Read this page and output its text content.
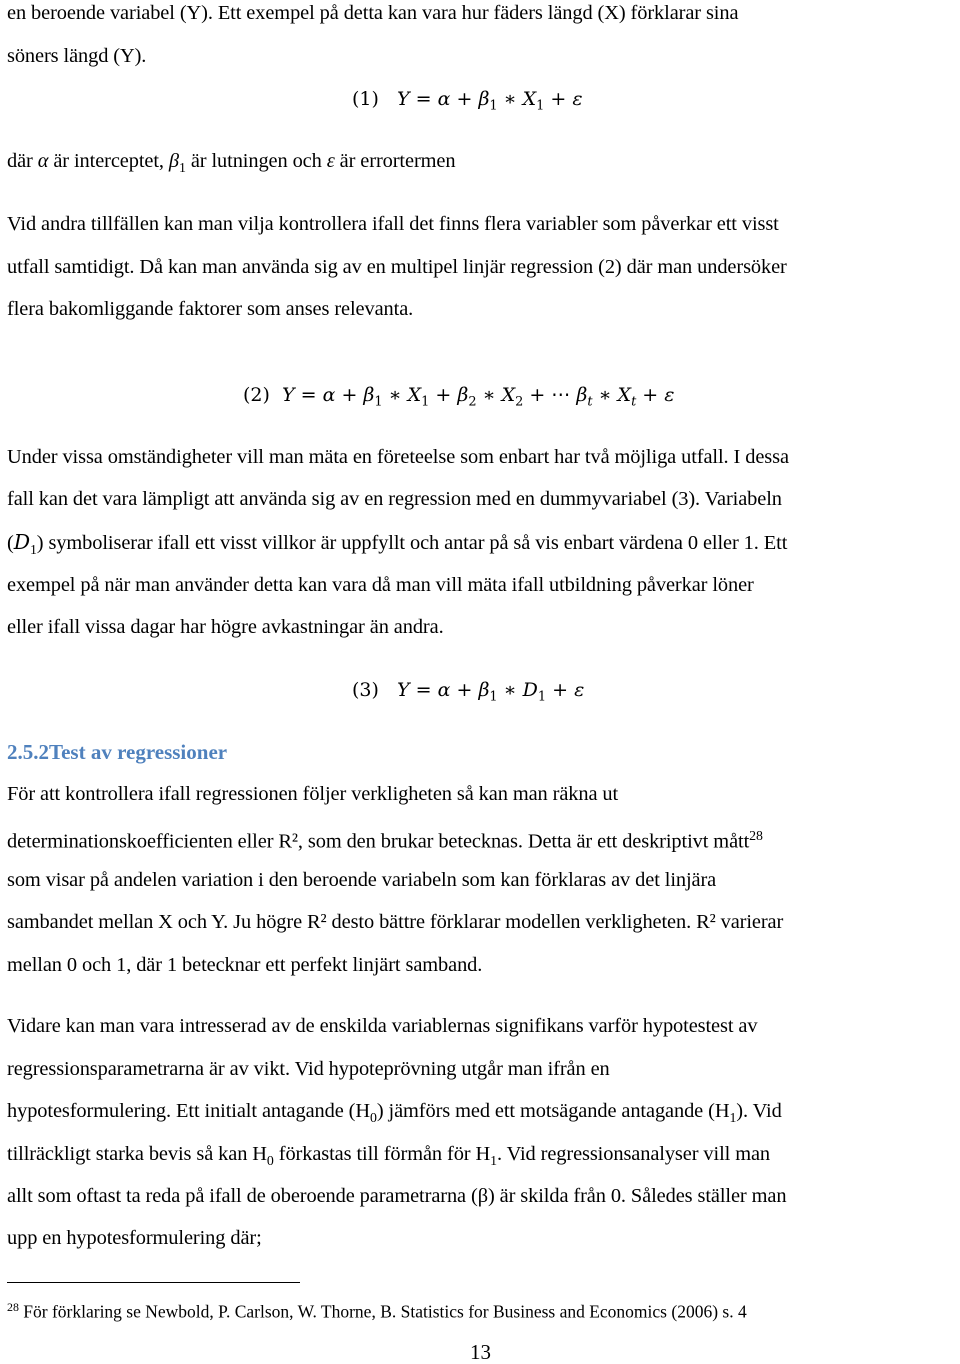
en beroende variabel (Y). Ett exempel på detta kan vara hur fäders längd (X) förklarar sina
söners längd (Y).
(1) $Y = \alpha + \beta_1$ ∗ $X_1 + \varepsilon$
där α är interceptet, $\beta_1$ är lutningen och ε är errortermen
Vid andra tillfällen kan man vilja kontrollera ifall det finns flera variabler som påverkar ett visst
utfall samtidigt. Då kan man använda sig av en multipel linjär regression (2) där man undersöker
flera bakomliggande faktorer som anses relevanta.
(2) $Y = \alpha + \beta_1$ ∗ $X_1 + \beta_2$ ∗ $X_2$ + ⋯ $\beta_t$ ∗ $X_t + \varepsilon$
Under vissa omständigheter vill man mäta en företeelse som enbart har två möjliga utfall. I dessa
fall kan det vara lämpligt att använda sig av en regression med en dummyvariabel (3). Variabeln
$(D_1)$ symboliserar ifall ett visst villkor är uppfyllt och antar på så vis enbart värdena 0 eller 1. Ett
exempel på när man använder detta kan vara då man vill mäta ifall utbildning påverkar löner
eller ifall vissa dagar har högre avkastningar än andra.
(3) $Y = \alpha + \beta_1$ ∗ $D_1 + \varepsilon$
2.5.2Test av regressioner
För att kontrollera ifall regressionen följer verkligheten så kan man räkna ut
determinationskoefficienten eller R², som den brukar betecknas. Detta är ett deskriptivt mått$^{28}$
som visar på andelen variation i den beroende variabeln som kan förklaras av det linjära
sambandet mellan X och Y. Ju högre R² desto bättre förklarar modellen verkligheten. R² varierar
mellan 0 och 1, där 1 betecknar ett perfekt linjärt samband.
Vidare kan man vara intresserad av de enskilda variablernas signifikans varför hypotestest av
regressionsparametrarna är av vikt. Vid hypoteprövning utgår man ifrån en
hypotesformulering. Ett initialt antagande $(H_0)$ jämförs med ett motsägande antagande $(H_1)$. Vid
tillräckligt starka bevis så kan $H_0$ förkastas till förmån för $H_1$. Vid regressionsanalyser vill man
allt som oftast ta reda på ifall de oberoende parametrarna (β) är skilda från 0. Således ställer man
upp en hypotesformulering där;
$^{28}$ För förklaring se Newbold, P. Carlson, W. Thorne, B. Statistics for Business and Economics (2006) s. 4
13
